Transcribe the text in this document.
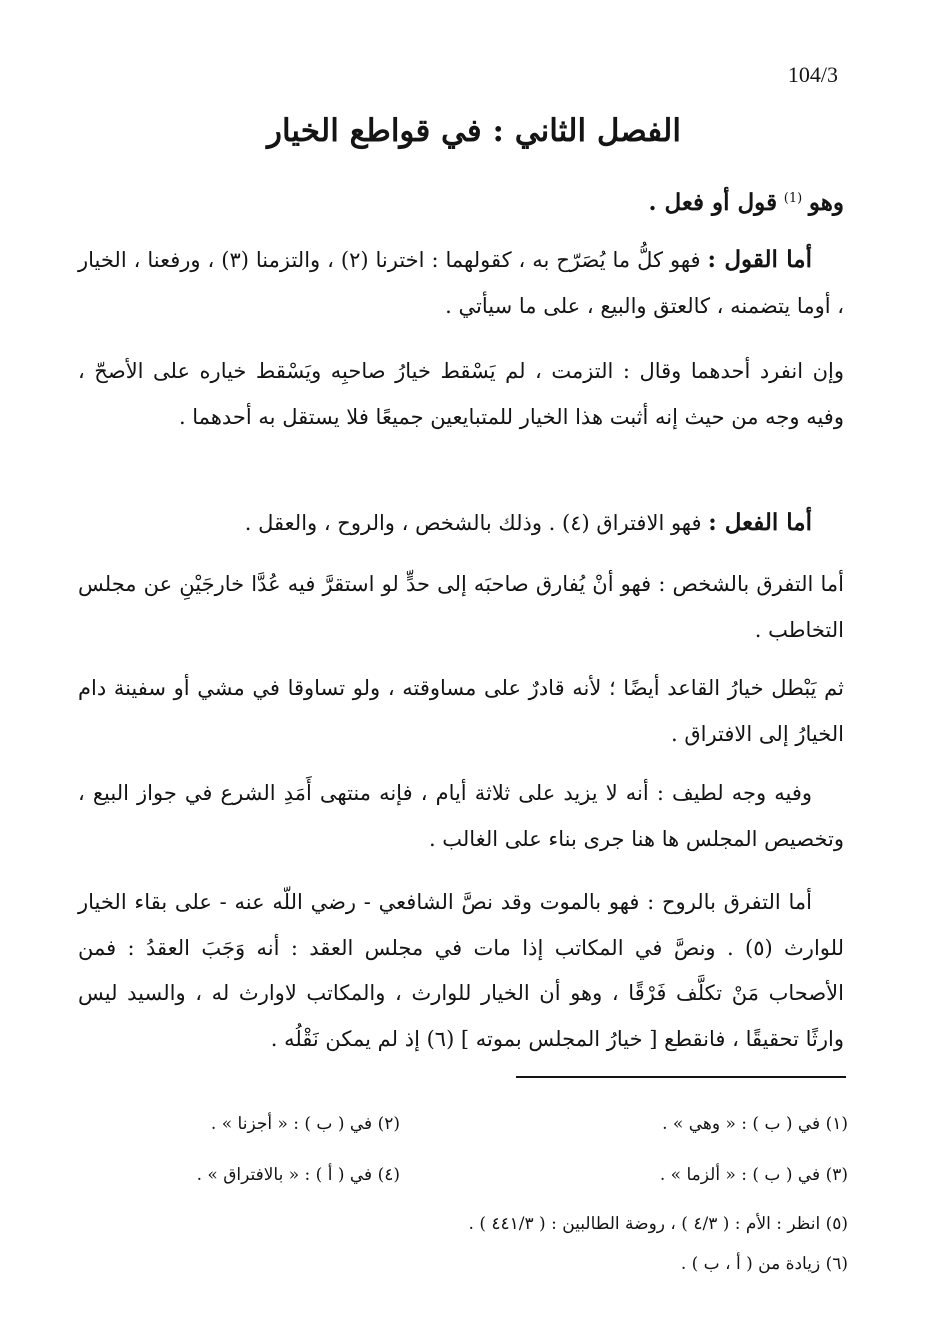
104/3
الفصل الثاني : في قواطع الخيار

وهو $^{(1)}$ قول أو فعل .

أما القول : فهو كلُّ ما يُصَرّح به ، كقولهما : اخترنا (٢) ، والتزمنا (٣) ، ورفعنا ، الخيار ، أوما يتضمنه ، كالعتق والبيع ، على ما سيأتي .

وإن انفرد أحدهما وقال : التزمت ، لم يَسْقط خيارُ صاحبِه ويَسْقط خياره على الأصحّ ، وفيه وجه من حيث إنه أثبت هذا الخيار للمتبايعين جميعًا فلا يستقل به أحدهما .

أما الفعل : فهو الافتراق (٤) . وذلك بالشخص ، والروح ، والعقل .

أما التفرق بالشخص : فهو أنْ يُفارق صاحبَه إلى حدٍّ لو استقرَّ فيه عُدَّا خارجَيْنِ عن مجلس التخاطب .

ثم يَبْطل خيارُ القاعد أيضًا ؛ لأنه قادرٌ على مساوقته ، ولو تساوقا في مشي أو سفينة دام الخيارُ إلى الافتراق .

وفيه وجه لطيف : أنه لا يزيد على ثلاثة أيام ، فإنه منتهى أَمَدِ الشرع في جواز البيع ، وتخصيص المجلس ها هنا جرى بناء على الغالب .

أما التفرق بالروح : فهو بالموت وقد نصَّ الشافعي - رضي اللّه عنه - على بقاء الخيار للوارث (٥) . ونصَّ في المكاتب إذا مات في مجلس العقد : أنه وَجَبَ العقدُ : فمن الأصحاب مَنْ تكلَّف فَرْقًا ، وهو أن الخيار للوارث ، والمكاتب لاوارث له ، والسيد ليس وارثًا تحقيقًا ، فانقطع [ خيارُ المجلس بموته ] (٦) إذ لم يمكن نَقْلُه .

(١) في ( ب ) : « وهي » .
(٢) في ( ب ) : « أجزنا » .
(٣) في ( ب ) : « ألزما » .
(٤) في ( أ ) : « بالافتراق » .
(٥) انظر : الأم : ( ٤/٣ ) ، روضة الطالبين : ( ٤٤١/٣ ) .
(٦) زيادة من ( أ ، ب ) .
